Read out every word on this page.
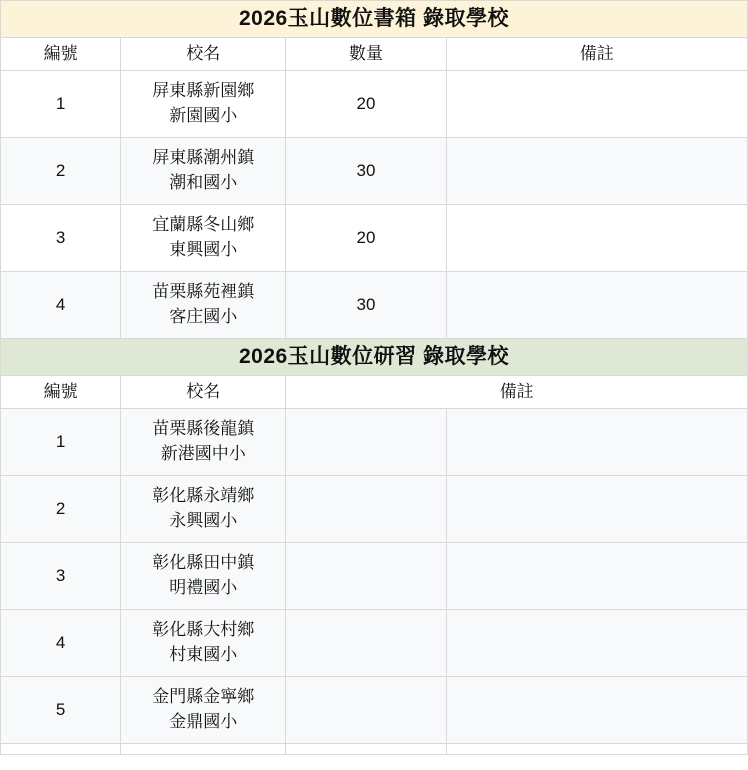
2026玉山數位書箱 錄取學校			
編號	校名	數量	備註
1	屏東縣新園鄉
新園國小	20	
2	屏東縣潮州鎮
潮和國小	30	
3	宜蘭縣冬山鄉
東興國小	20	
4	苗栗縣苑裡鎮
客庄國小	30	
2026玉山數位研習 錄取學校			
編號	校名	備註	
1	苗栗縣後龍鎮
新港國中小		

2	彰化縣永靖鄉
永興國小		

3	彰化縣田中鎮
明禮國小		

4	彰化縣大村鄉
村東國小		

5	金門縣金寧鄉
金鼎國小		
